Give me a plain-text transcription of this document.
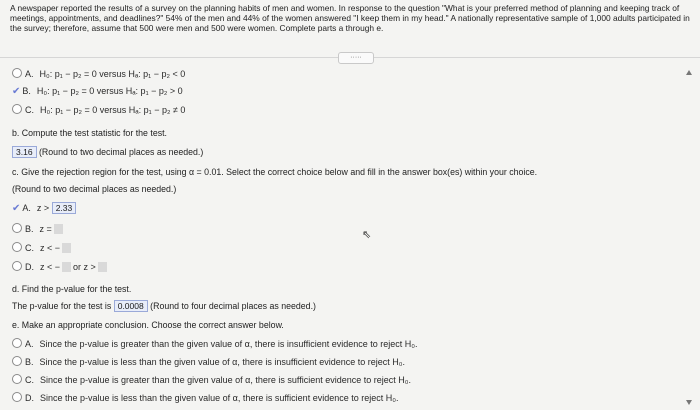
A newspaper reported the results of a survey on the planning habits of men and women. In response to the question "What is your preferred method of planning and keeping track of meetings, appointments, and deadlines?" 54% of the men and 44% of the women answered "I keep them in my head." A nationally representative sample of 1,000 adults participated in the survey; therefore, assume that 500 were men and 500 were women. Complete parts a through e.
·····
A. H₀: p₁ − p₂ = 0 versus Hₐ: p₁ − p₂ < 0
✔ B. H₀: p₁ − p₂ = 0 versus Hₐ: p₁ − p₂ > 0
C. H₀: p₁ − p₂ = 0 versus Hₐ: p₁ − p₂ ≠ 0
b. Compute the test statistic for the test.
3.16 (Round to two decimal places as needed.)
c. Give the rejection region for the test, using α = 0.01. Select the correct choice below and fill in the answer box(es) within your choice.
(Round to two decimal places as needed.)
✔ A. z > 2.33
B. z =
C. z < −
D. z < − or z >
⇖
d. Find the p-value for the test.
The p-value for the test is 0.0008 (Round to four decimal places as needed.)
e. Make an appropriate conclusion. Choose the correct answer below.
A. Since the p-value is greater than the given value of α, there is insufficient evidence to reject H₀.
B. Since the p-value is less than the given value of α, there is insufficient evidence to reject H₀.
C. Since the p-value is greater than the given value of α, there is sufficient evidence to reject H₀.
D. Since the p-value is less than the given value of α, there is sufficient evidence to reject H₀.
